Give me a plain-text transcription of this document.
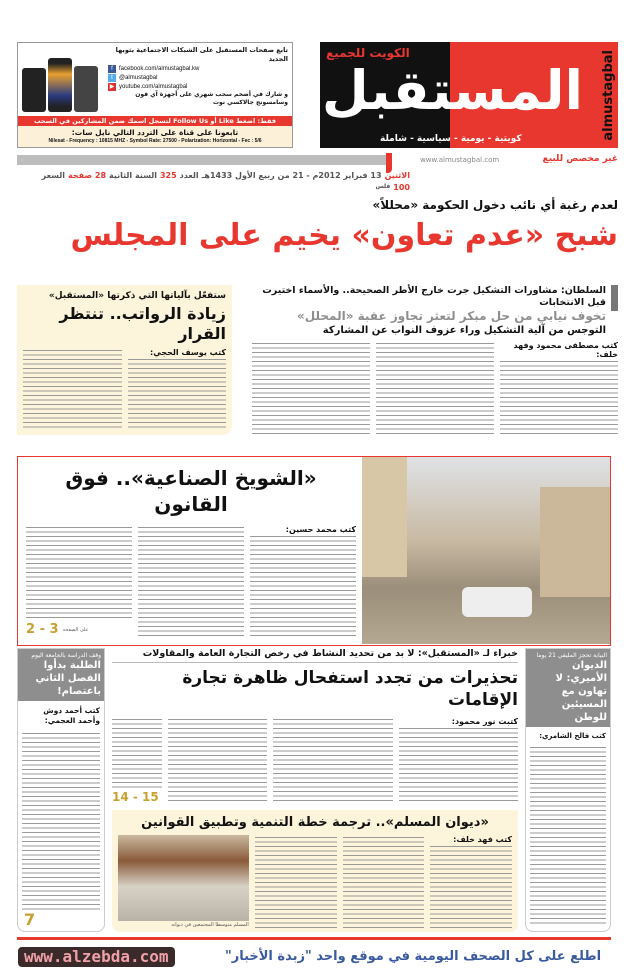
الكويت للجميع
المستقبل almustagbal
كويتية - يومية - سياسية - شاملة
تابع صفحات المستقبل على الشبكات الاجتماعية بثوبها الجديد
f	facebook.com/almustagbal.kw
t	@almustagbal
▶ youtube.com/almustagbal
و شارك في أضخم سحب شهري على أجهزة آي فون وسامسونج جالاكسي نوت
فقط: اضغط Like أو Follow Us لتسجل اسمك ضمن المشاركين في السحب
تابعونا على قناة على التردد التالي نايل سات:
Nilesat - Frequency : 10815 MHZ - Symbol Rate: 27500 - Polarization: Horizontal - Fec : 5/6
www.almustagbal.com	غير مخصص للبيع
الاثنين
13 فبراير 2012م - 21 من ربيع الأول 1433هـ
العدد
325
السنة الثانية
28 صفحة
السعر
100
فلس
لعدم رغبة أي نائب دخول الحكومة «محللاً»
شبح «عدم تعاون» يخيم على المجلس
السلطان: مشاورات التشكيل جرت خارج الأطر الصحيحة.. والأسماء اختيرت قبل الانتخابات
تخوف نيابي من حل مبكر لتعثر تجاوز عقبة «المحلل»
التوجس من آلية التشكيل وراء عزوف النواب عن المشاركة
كتب مصطفى محمود وفهد خلف:
ستفعّل بآلياتها التي ذكرتها «المستقبل»
زيادة الرواتب.. تنتظر القرار
كتب يوسف الحجي:
«الشويخ الصناعية».. فوق القانون
كتب محمد حسين:
2 - 3 على الصفحة
النيابة تحجز المليفي 21 يوما
الديوان الأميري: لا تهاون مع المسيئين للوطن
كتب فالح الشامري:
وقف الدراسة بالجامعة اليوم
الطلبة بدأوا الفصل الثاني باعتصام!
كتب أحمد دوش وأحمد العجمي:
7
خبراء لـ «المستقبل»: لا بد من تحديد النشاط في رخص التجارة العامة والمقاولات
تحذيرات من تجدد استفحال ظاهرة تجارة الإقامات
كتبت نور محمود:
14 - 15
«ديوان المسلم».. ترجمة خطة التنمية وتطبيق القوانين
كتب فهد خلف:
المسلم متوسطا المجتمعين في ديوانه
اطلع على كل الصحف اليومية في موقع واحد "زبدة الأخبار"
www.alzebda.com
